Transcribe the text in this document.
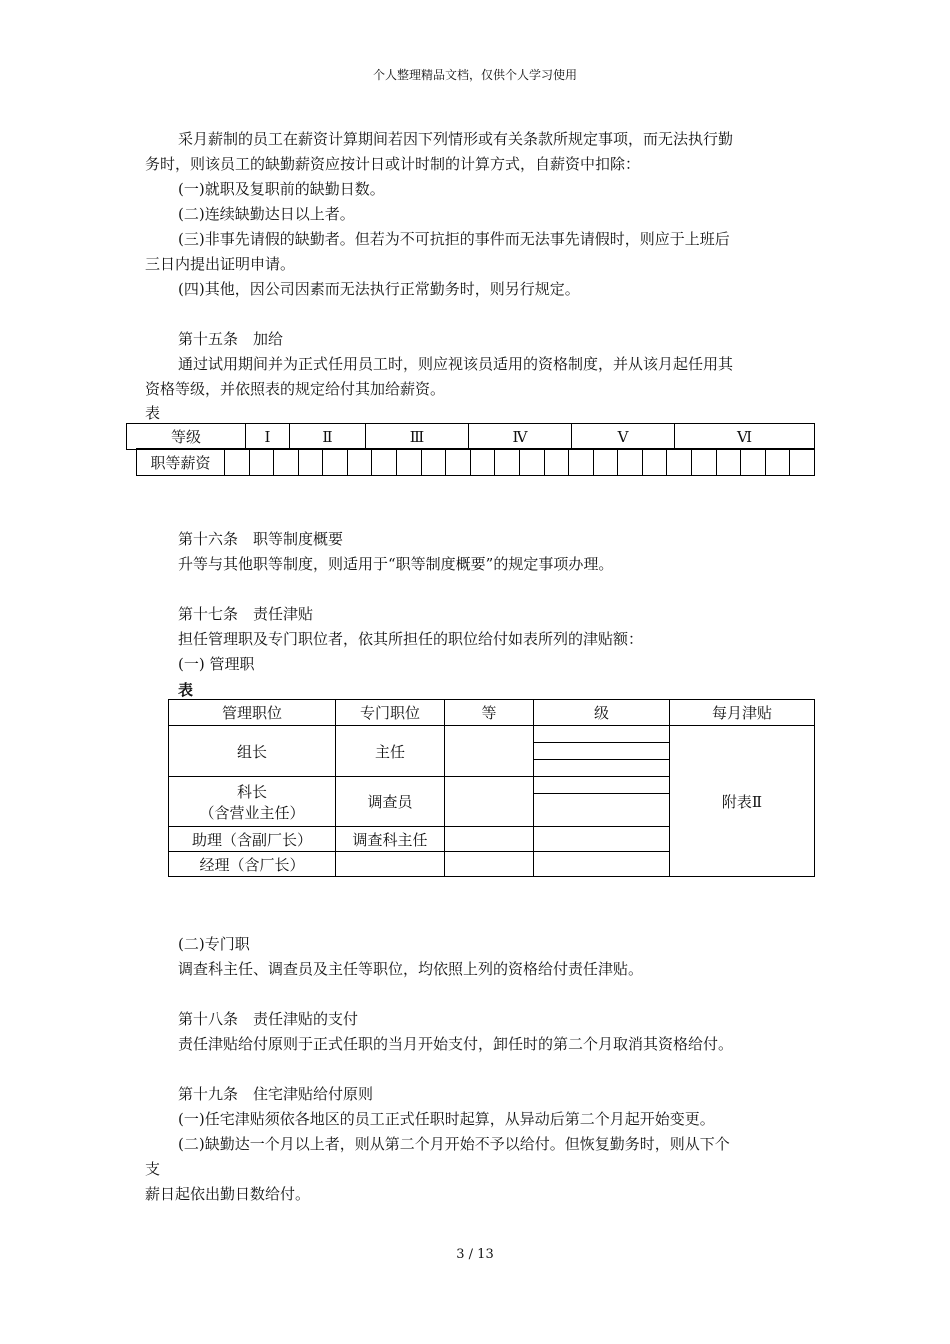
个人整理精品文档，仅供个人学习使用
采月薪制的员工在薪资计算期间若因下列情形或有关条款所规定事项，而无法执行勤
务时，则该员工的缺勤薪资应按计日或计时制的计算方式，自薪资中扣除：
(一)就职及复职前的缺勤日数。
(二)连续缺勤达日以上者。
(三)非事先请假的缺勤者。但若为不可抗拒的事件而无法事先请假时，则应于上班后
三日内提出证明申请。
(四)其他，因公司因素而无法执行正常勤务时，则另行规定。
第十五条　加给
通过试用期间并为正式任用员工时，则应视该员适用的资格制度，并从该月起任用其
资格等级，并依照表的规定给付其加给薪资。
表
等级	Ⅰ	Ⅱ	Ⅲ	Ⅳ	Ⅴ	Ⅵ
职等薪资																								
第十六条　职等制度概要
升等与其他职等制度，则适用于“职等制度概要”的规定事项办理。
第十七条　责任津贴
担任管理职及专门职位者，依其所担任的职位给付如表所列的津贴额：
(一) 管理职
表
管理职位	专门职位	等	级	每月津贴
组长	主任			附表Ⅱ

科长
（含营业主任）	调查员			

助理（含副厂长）	调查科主任			
经理（含厂长）				
(二)专门职
调查科主任、调查员及主任等职位，均依照上列的资格给付责任津贴。
第十八条　责任津贴的支付
责任津贴给付原则于正式任职的当月开始支付，卸任时的第二个月取消其资格给付。
第十九条　住宅津贴给付原则
(一)任宅津贴须依各地区的员工正式任职时起算，从异动后第二个月起开始变更。
(二)缺勤达一个月以上者，则从第二个月开始不予以给付。但恢复勤务时，则从下个
支
薪日起依出勤日数给付。
3 / 13
